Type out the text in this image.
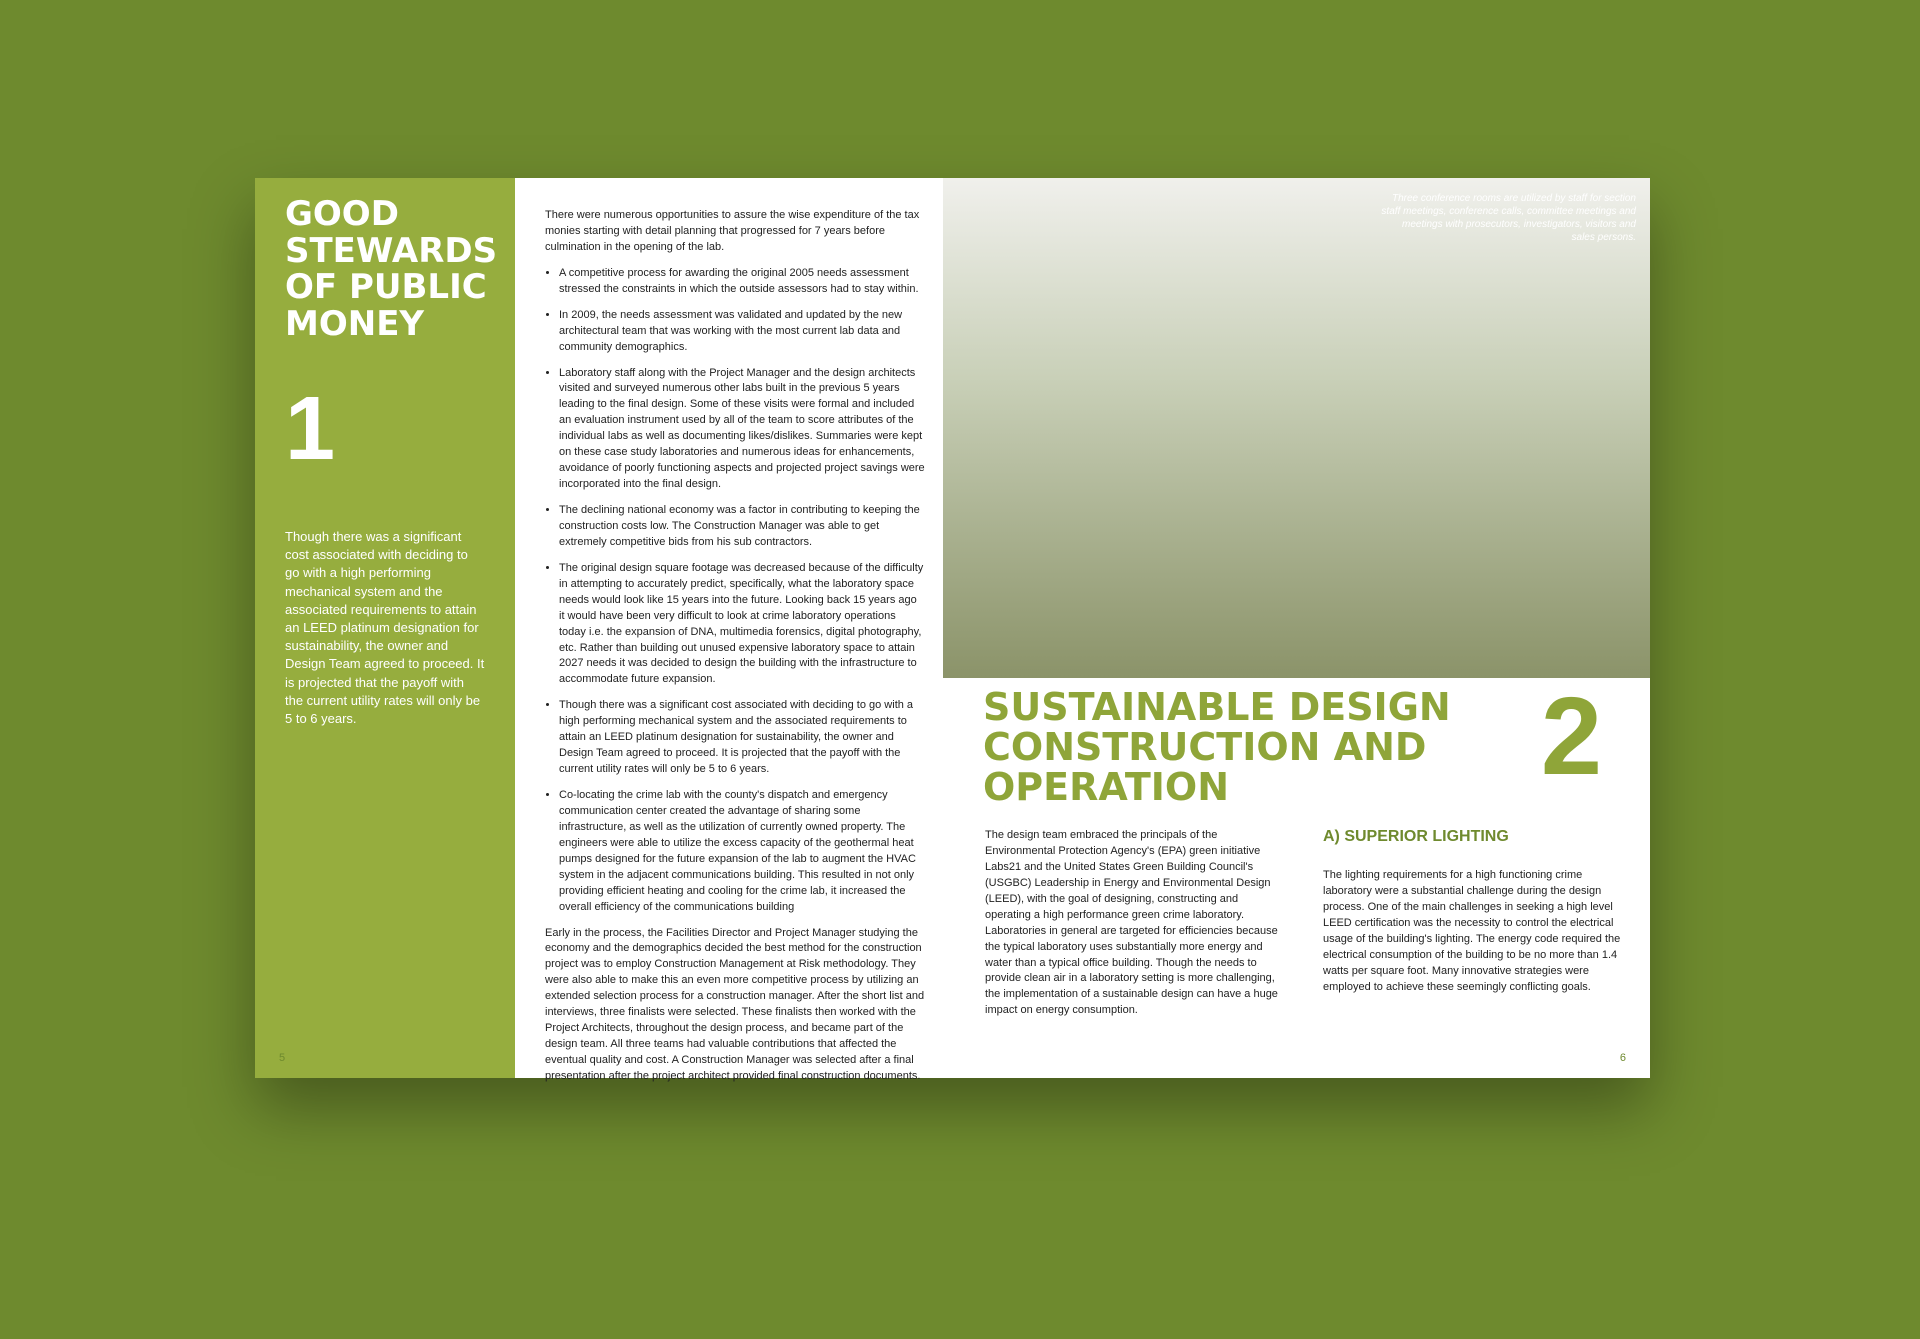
GOOD
STEWARDS
OF PUBLIC
MONEY
1
Though there was a significant cost associated with deciding to go with a high performing mechanical system and the associated requirements to attain an LEED platinum designation for sustainability, the owner and Design Team agreed to proceed. It is projected that the payoff with the current utility rates will only be 5 to 6 years.

There were numerous opportunities to assure the wise expenditure of the tax monies starting with detail planning that progressed for 7 years before culmination in the opening of the lab.

• A competitive process for awarding the original 2005 needs assessment stressed the constraints in which the outside assessors had to stay within.
• In 2009, the needs assessment was validated and updated by the new architectural team that was working with the most current lab data and community demographics.
• Laboratory staff along with the Project Manager and the design architects visited and surveyed numerous other labs built in the previous 5 years leading to the final design. Some of these visits were formal and included an evaluation instrument used by all of the team to score attributes of the individual labs as well as documenting likes/dislikes. Summaries were kept on these case study laboratories and numerous ideas for enhancements, avoidance of poorly functioning aspects and projected project savings were incorporated into the final design.
• The declining national economy was a factor in contributing to keeping the construction costs low. The Construction Manager was able to get extremely competitive bids from his sub contractors.
• The original design square footage was decreased because of the difficulty in attempting to accurately predict, specifically, what the laboratory space needs would look like 15 years into the future. Looking back 15 years ago it would have been very difficult to look at crime laboratory operations today i.e. the expansion of DNA, multimedia forensics, digital photography, etc. Rather than building out unused expensive laboratory space to attain 2027 needs it was decided to design the building with the infrastructure to accommodate future expansion.
• Though there was a significant cost associated with deciding to go with a high performing mechanical system and the associated requirements to attain an LEED platinum designation for sustainability, the owner and Design Team agreed to proceed. It is projected that the payoff with the current utility rates will only be 5 to 6 years.
• Co-locating the crime lab with the county's dispatch and emergency communication center created the advantage of sharing some infrastructure, as well as the utilization of currently owned property. The engineers were able to utilize the excess capacity of the geothermal heat pumps designed for the future expansion of the lab to augment the HVAC system in the adjacent communications building. This resulted in not only providing efficient heating and cooling for the crime lab, it increased the overall efficiency of the communications building

Early in the process, the Facilities Director and Project Manager studying the economy and the demographics decided the best method for the construction project was to employ Construction Management at Risk methodology. They were also able to make this an even more competitive process by utilizing an extended selection process for a construction manager. After the short list and interviews, three finalists were selected. These finalists then worked with the Project Architects, throughout the design process, and became part of the design team. All three teams had valuable contributions that affected the eventual quality and cost. A Construction Manager was selected after a final presentation after the project architect provided final construction documents.

5
Three conference rooms are utilized by staff for section staff meetings, conference calls, committee meetings and meetings with prosecutors, investigators, visitors and sales persons.
SUSTAINABLE DESIGN
CONSTRUCTION AND OPERATION	2
The design team embraced the principals of the Environmental Protection Agency's (EPA) green initiative Labs21 and the United States Green Building Council's (USGBC) Leadership in Energy and Environmental Design (LEED), with the goal of designing, constructing and operating a high performance green crime laboratory. Laboratories in general are targeted for efficiencies because the typical laboratory uses substantially more energy and water than a typical office building. Though the needs to provide clean air in a laboratory setting is more challenging, the implementation of a sustainable design can have a huge impact on energy consumption.
A) SUPERIOR LIGHTING
The lighting requirements for a high functioning crime laboratory were a substantial challenge during the design process. One of the main challenges in seeking a high level LEED certification was the necessity to control the electrical usage of the building's lighting. The energy code required the electrical consumption of the building to be no more than 1.4 watts per square foot. Many innovative strategies were employed to achieve these seemingly conflicting goals.
6
